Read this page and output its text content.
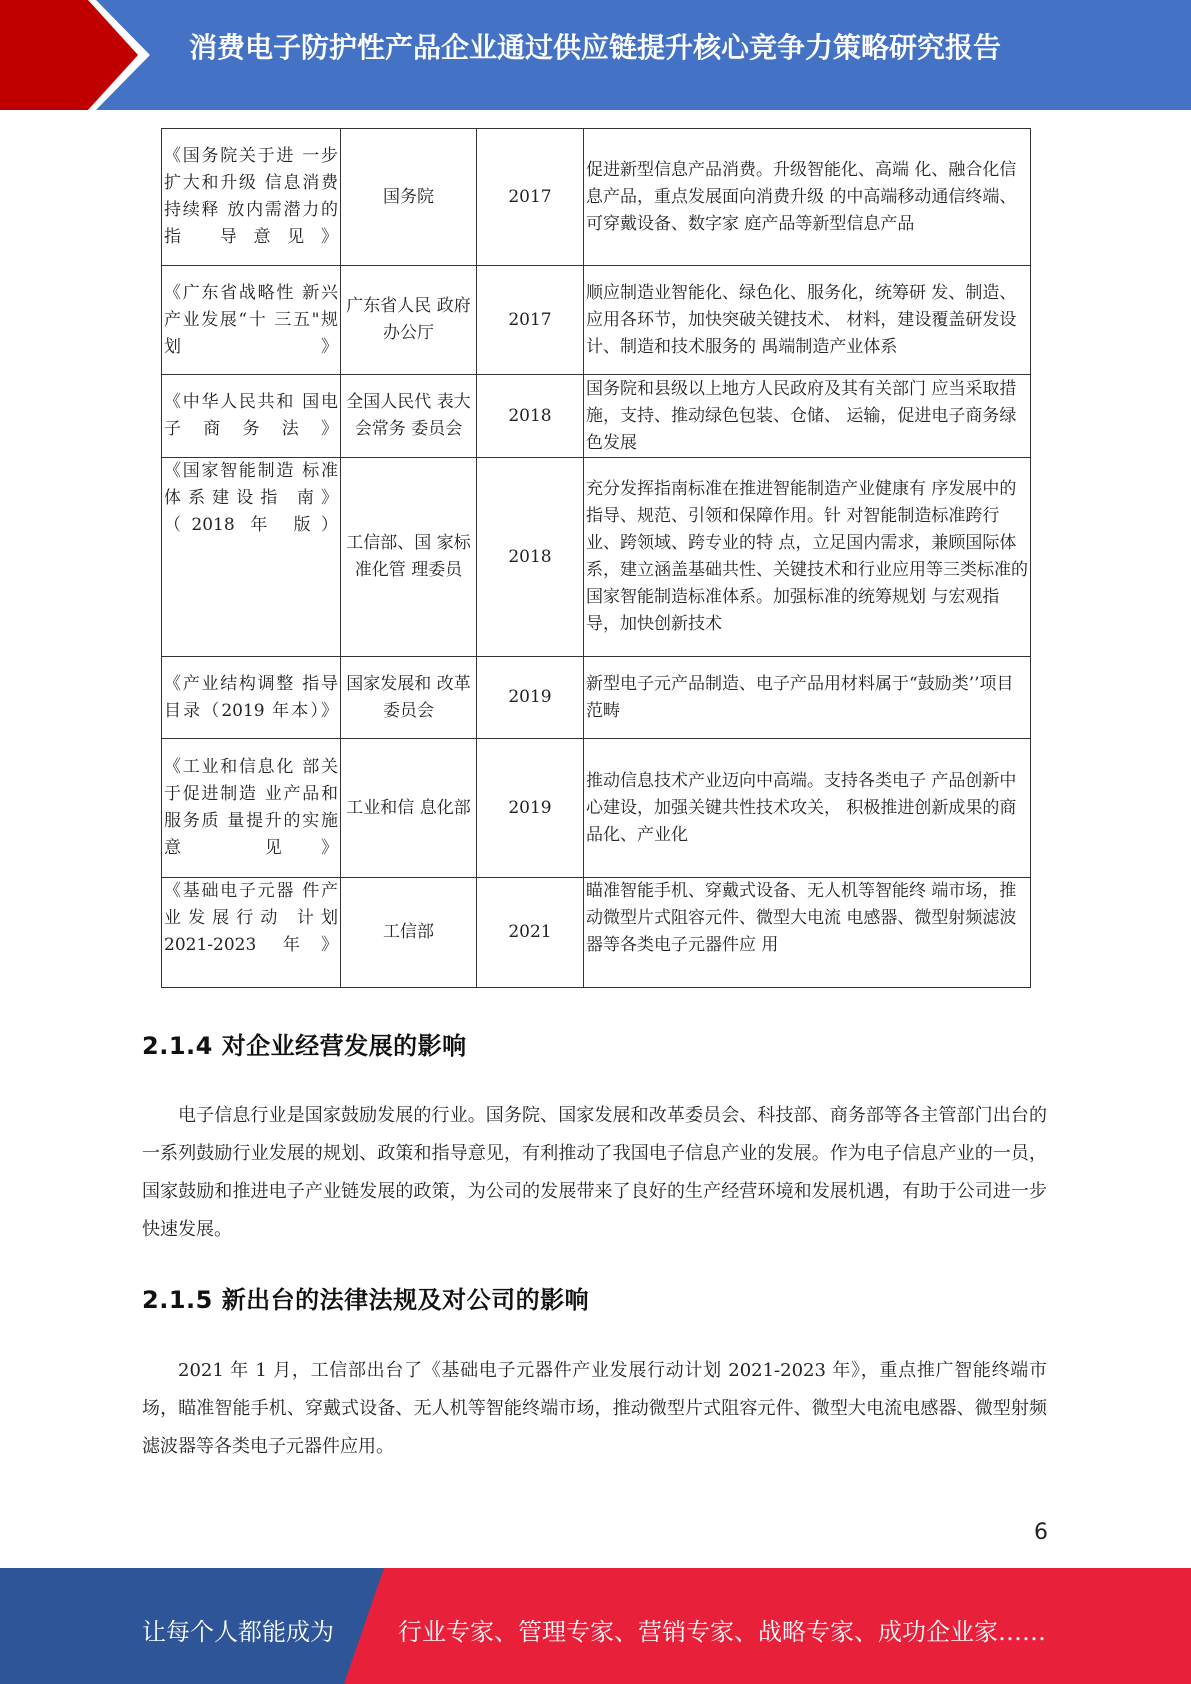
消费电子防护性产品企业通过供应链提升核心竞争力策略研究报告
《国务院关于进 一步扩大和升级 信息消费持续释 放内需潜力的指 导意见》	国务院	2017	促进新型信息产品消费。升级智能化、高端 化、融合化信息产品，重点发展面向消费升级 的中高端移动通信终端、可穿戴设备、数字家 庭产品等新型信息产品
《广东省战略性 新兴产业发展“十 三五"规划》	广东省人民 政府办公厅	2017	顺应制造业智能化、绿色化、服务化，统筹研 发、制造、应用各环节，加快突破关键技术、 材料，建设覆盖研发设计、制造和技术服务的 禺端制造产业体系
《中华人民共和 国电子商务法》	全国人民代 表大会常务 委员会	2018	国务院和县级以上地方人民政府及其有关部门 应当采取措施，支持、推动绿色包装、仓储、 运输，促进电子商务绿色发展
《国家智能制造 标准体系建设指 南》（2018 年 版）	工信部、国 家标准化管 理委员	2018	充分发挥指南标准在推进智能制造产业健康有 序发展中的指导、规范、引领和保障作用。针 对智能制造标准跨行业、跨领域、跨专业的特 点，立足国内需求，兼顾国际体系，建立涵盖基础共性、关键技术和行业应用等三类标准的 国家智能制造标准体系。加强标准的统筹规划 与宏观指导，加快创新技术
《产业结构调整 指导目录（2019 年本）》	国家发展和 改革委员会	2019	新型电子元产品制造、电子产品用材料属于“鼓励类’’项目范畴
《工业和信息化 部关于促进制造 业产品和服务质 量提升的实施意 见》	工业和信 息化部	2019	推动信息技术产业迈向中高端。支持各类电子 产品创新中心建设，加强关键共性技术攻关， 积极推进创新成果的商品化、产业化
《基础电子元器 件产业发展行动 计划 2021-2023 年》	工信部	2021	瞄准智能手机、穿戴式设备、无人机等智能终 端市场，推动微型片式阻容元件、微型大电流 电感器、微型射频滤波器等各类电子元器件应 用
2.1.4 对企业经营发展的影响
电子信息行业是国家鼓励发展的行业。国务院、国家发展和改革委员会、科技部、商务部等各主管部门出台的一系列鼓励行业发展的规划、政策和指导意见，有利推动了我国电子信息产业的发展。作为电子信息产业的一员，国家鼓励和推进电子产业链发展的政策，为公司的发展带来了良好的生产经营环境和发展机遇，有助于公司进一步快速发展。
2.1.5 新出台的法律法规及对公司的影响
2021 年 1 月，工信部出台了《基础电子元器件产业发展行动计划 2021-2023 年》，重点推广智能终端市场，瞄准智能手机、穿戴式设备、无人机等智能终端市场，推动微型片式阻容元件、微型大电流电感器、微型射频滤波器等各类电子元器件应用。
6
让每个人都能成为	行业专家、管理专家、营销专家、战略专家、成功企业家……
